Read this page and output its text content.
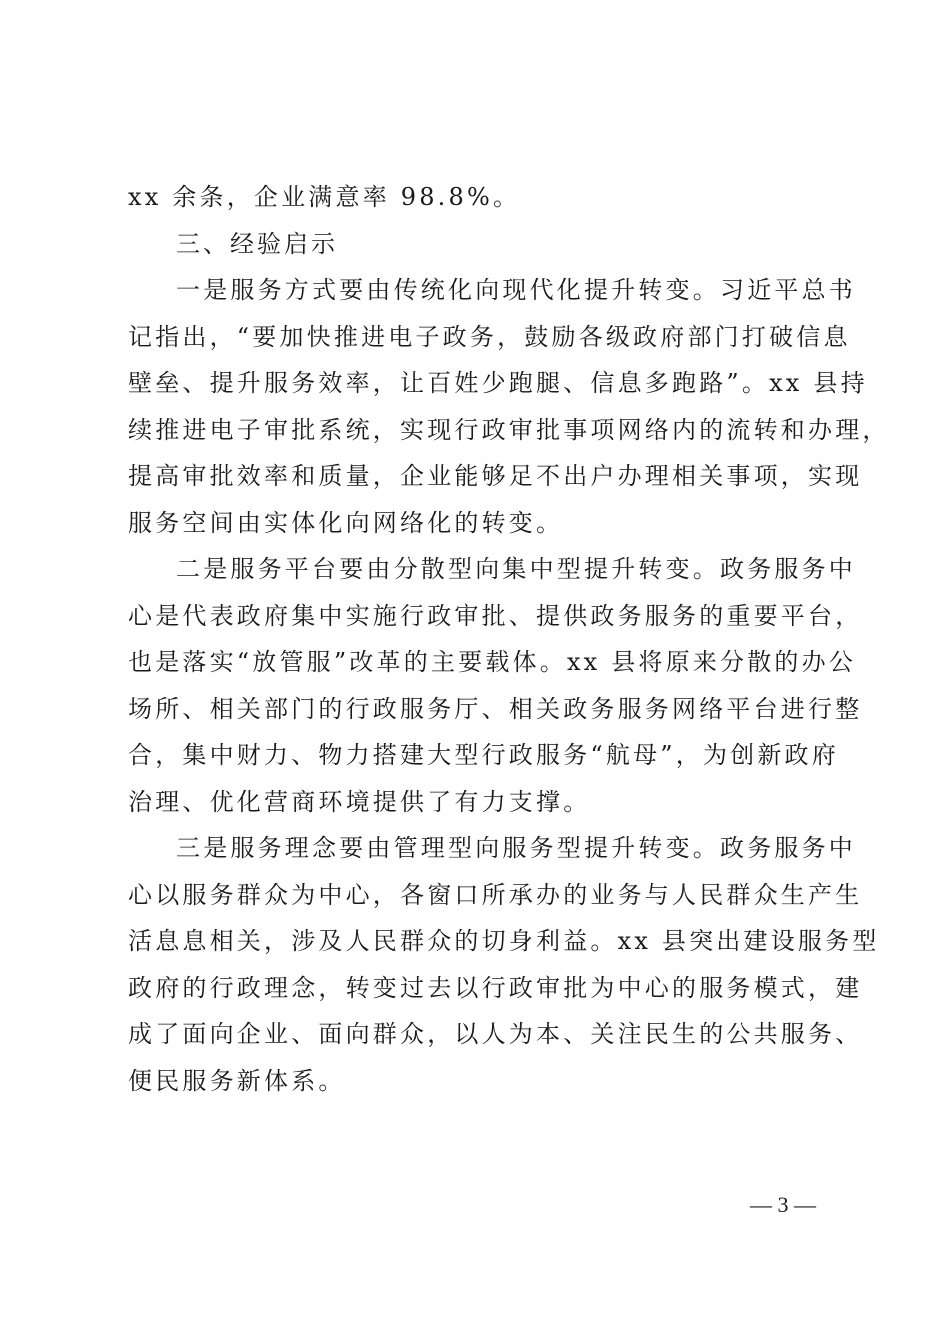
xx 余条，企业满意率 98.8%。
三、经验启示
一是服务方式要由传统化向现代化提升转变。习近平总书
记指出，“要加快推进电子政务，鼓励各级政府部门打破信息
壁垒、提升服务效率，让百姓少跑腿、信息多跑路”。xx 县持
续推进电子审批系统，实现行政审批事项网络内的流转和办理，
提高审批效率和质量，企业能够足不出户办理相关事项，实现
服务空间由实体化向网络化的转变。
二是服务平台要由分散型向集中型提升转变。政务服务中
心是代表政府集中实施行政审批、提供政务服务的重要平台，
也是落实“放管服”改革的主要载体。xx 县将原来分散的办公
场所、相关部门的行政服务厅、相关政务服务网络平台进行整
合，集中财力、物力搭建大型行政服务“航母”，为创新政府
治理、优化营商环境提供了有力支撑。
三是服务理念要由管理型向服务型提升转变。政务服务中
心以服务群众为中心，各窗口所承办的业务与人民群众生产生
活息息相关，涉及人民群众的切身利益。xx 县突出建设服务型
政府的行政理念，转变过去以行政审批为中心的服务模式，建
成了面向企业、面向群众，以人为本、关注民生的公共服务、
便民服务新体系。
— 3 —
